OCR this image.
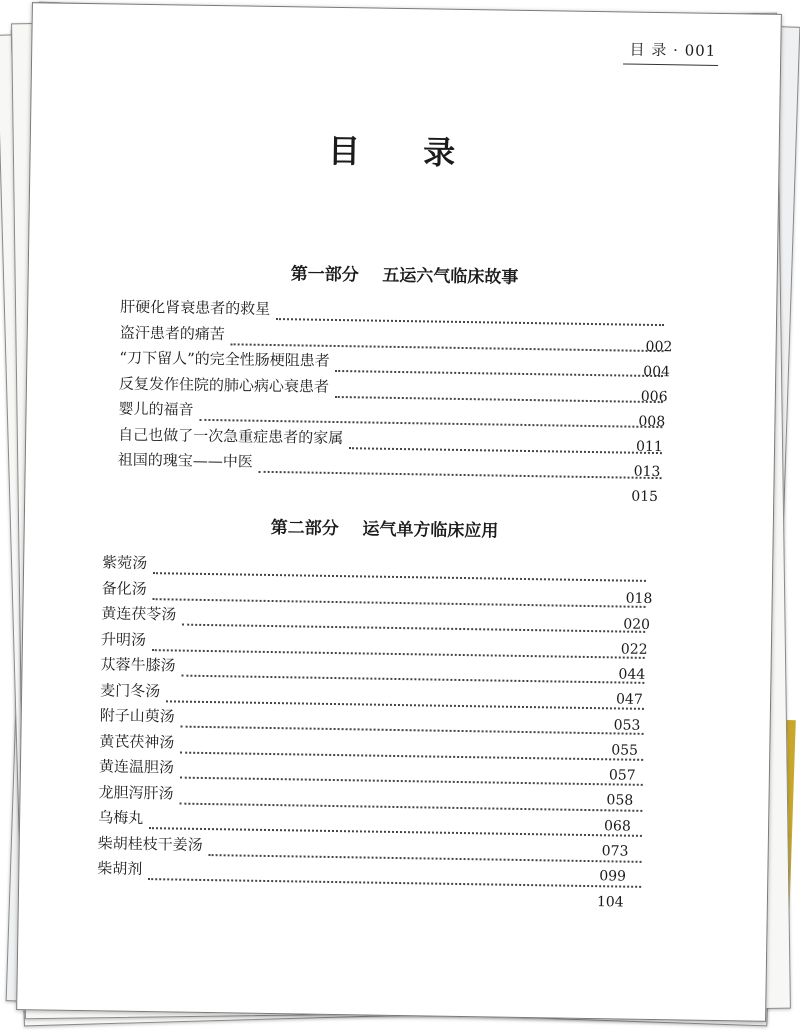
目 录 · 001
目 录
第一部分    五运六气临床故事
肝硬化肾衰患者的救星
盗汗患者的痛苦
“刀下留人”的完全性肠梗阻患者
反复发作住院的肺心病心衰患者
婴儿的福音
自己也做了一次急重症患者的家属
祖国的瑰宝——中医
002
004
006
008
011
013
015
第二部分    运气单方临床应用
紫菀汤
备化汤
黄连茯苓汤
升明汤
苁蓉牛膝汤
麦门冬汤
附子山萸汤
黄芪茯神汤
黄连温胆汤
龙胆泻肝汤
乌梅丸
柴胡桂枝干姜汤
柴胡剂
018
020
022
044
047
053
055
057
058
068
073
099
104
